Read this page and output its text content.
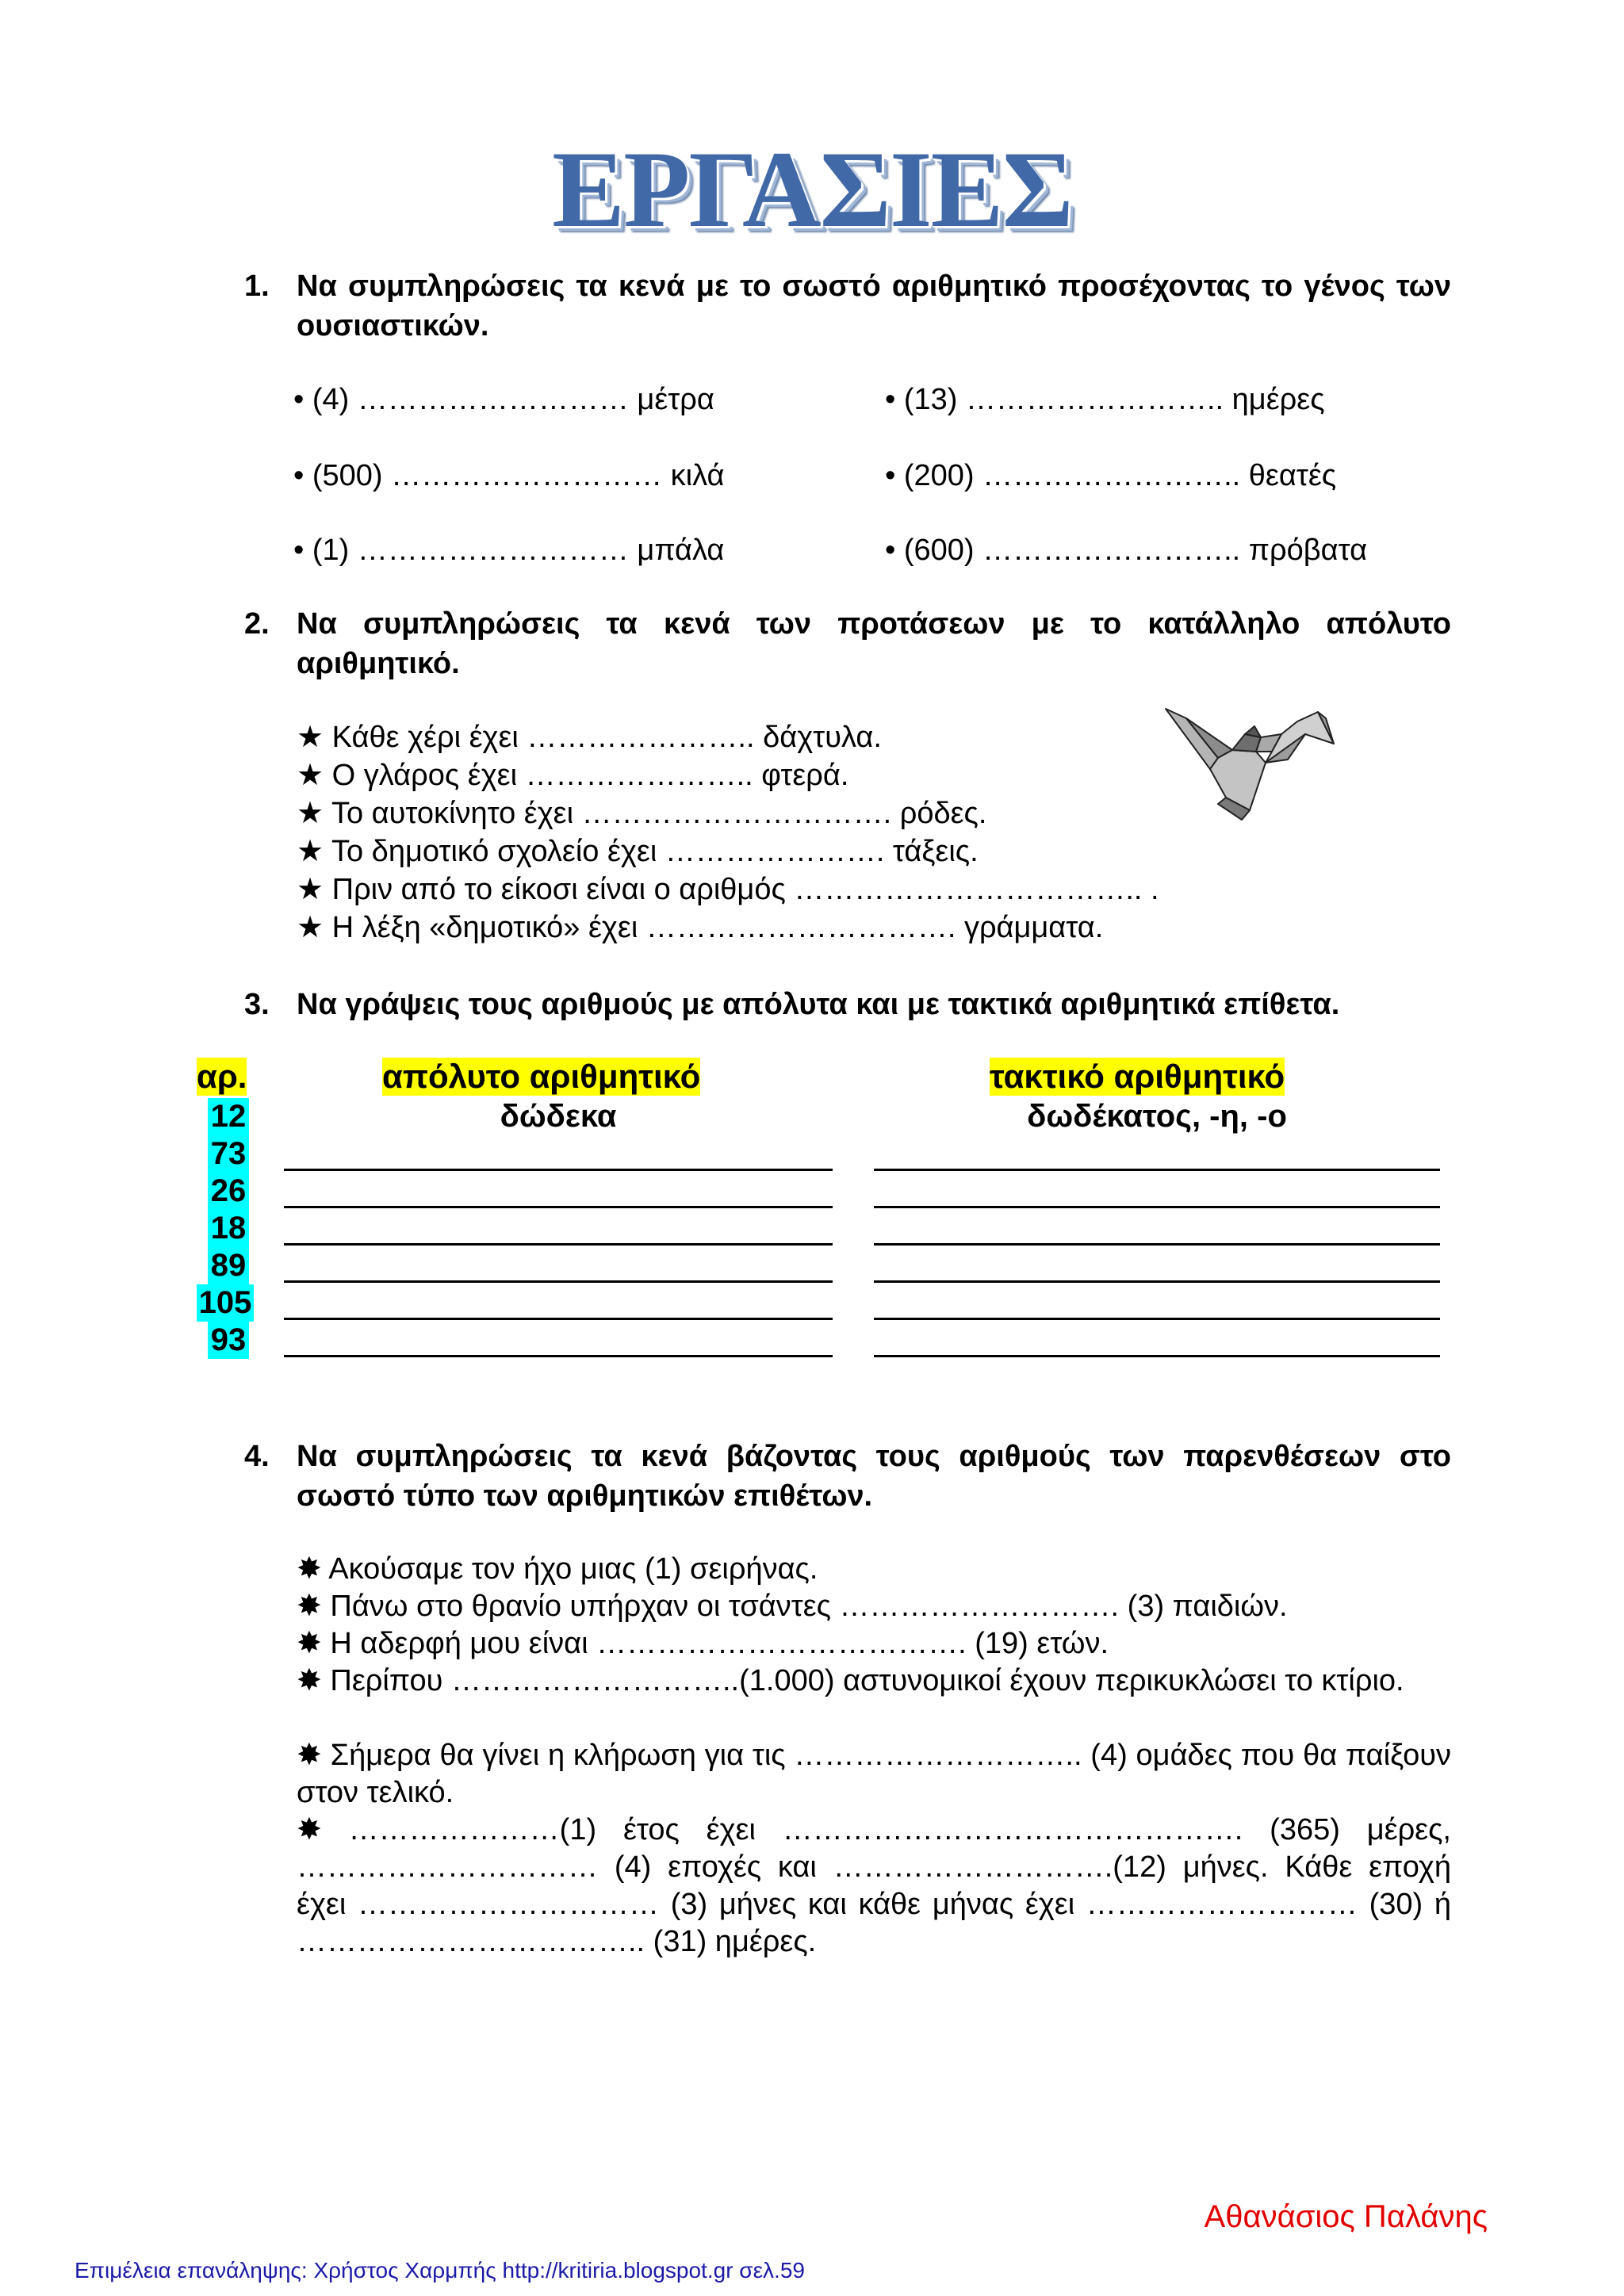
ΕΡΓΑΣΙΕΣ
1. Να συμπληρώσεις τα κενά με το σωστό αριθμητικό προσέχοντας το γένος των ουσιαστικών.
• (4) ……………………… μέτρα	• (13) …………………….. ημέρες
• (500) ……………………… κιλά	• (200) …………………….. θεατές
• (1) ……………………… μπάλα	• (600) …………………….. πρόβατα
2. Να συμπληρώσεις τα κενά των προτάσεων με το κατάλληλο απόλυτο αριθμητικό.
★ Κάθε χέρι έχει ………………….. δάχτυλα.
★ Ο γλάρος έχει ………………….. φτερά.
★ Το αυτοκίνητο έχει …………………………. ρόδες.
★ Το δημοτικό σχολείο έχει …………………. τάξεις.
★ Πριν από το είκοσι είναι ο αριθμός …………………………….. .
★ Η λέξη «δημοτικό» έχει …………………………. γράμματα.
3. Να γράψεις τους αριθμούς με απόλυτα και με τακτικά αριθμητικά επίθετα.
αρ.	απόλυτο αριθμητικό	τακτικό αριθμητικό
12	δώδεκα	δωδέκατος, -η, -ο
73
26
18
89
105
93
4. Να συμπληρώσεις τα κενά βάζοντας τους αριθμούς των παρενθέσεων στο σωστό τύπο των αριθμητικών επιθέτων.
✸ Ακούσαμε τον ήχο μιας (1) σειρήνας.
✸ Πάνω στο θρανίο υπήρχαν οι τσάντες ………………………. (3) παιδιών.
✸ Η αδερφή μου είναι ………………………………. (19) ετών.
✸ Περίπου ………………………..(1.000) αστυνομικοί έχουν περικυκλώσει το κτίριο.
✸ Σήμερα θα γίνει η κλήρωση για τις ……………………….. (4) ομάδες που θα παίξουν στον τελικό.
✸ …………………(1) έτος έχει ………………………………………. (365) μέρες, ………………………… (4) εποχές και ……………………….(12) μήνες. Κάθε εποχή έχει ………………………… (3) μήνες και κάθε μήνας έχει ……………………… (30) ή …………………………….. (31) ημέρες.
Αθανάσιος Παλάνης
Επιμέλεια επανάληψης: Χρήστος Χαρμπής http://kritiria.blogspot.gr σελ.59
